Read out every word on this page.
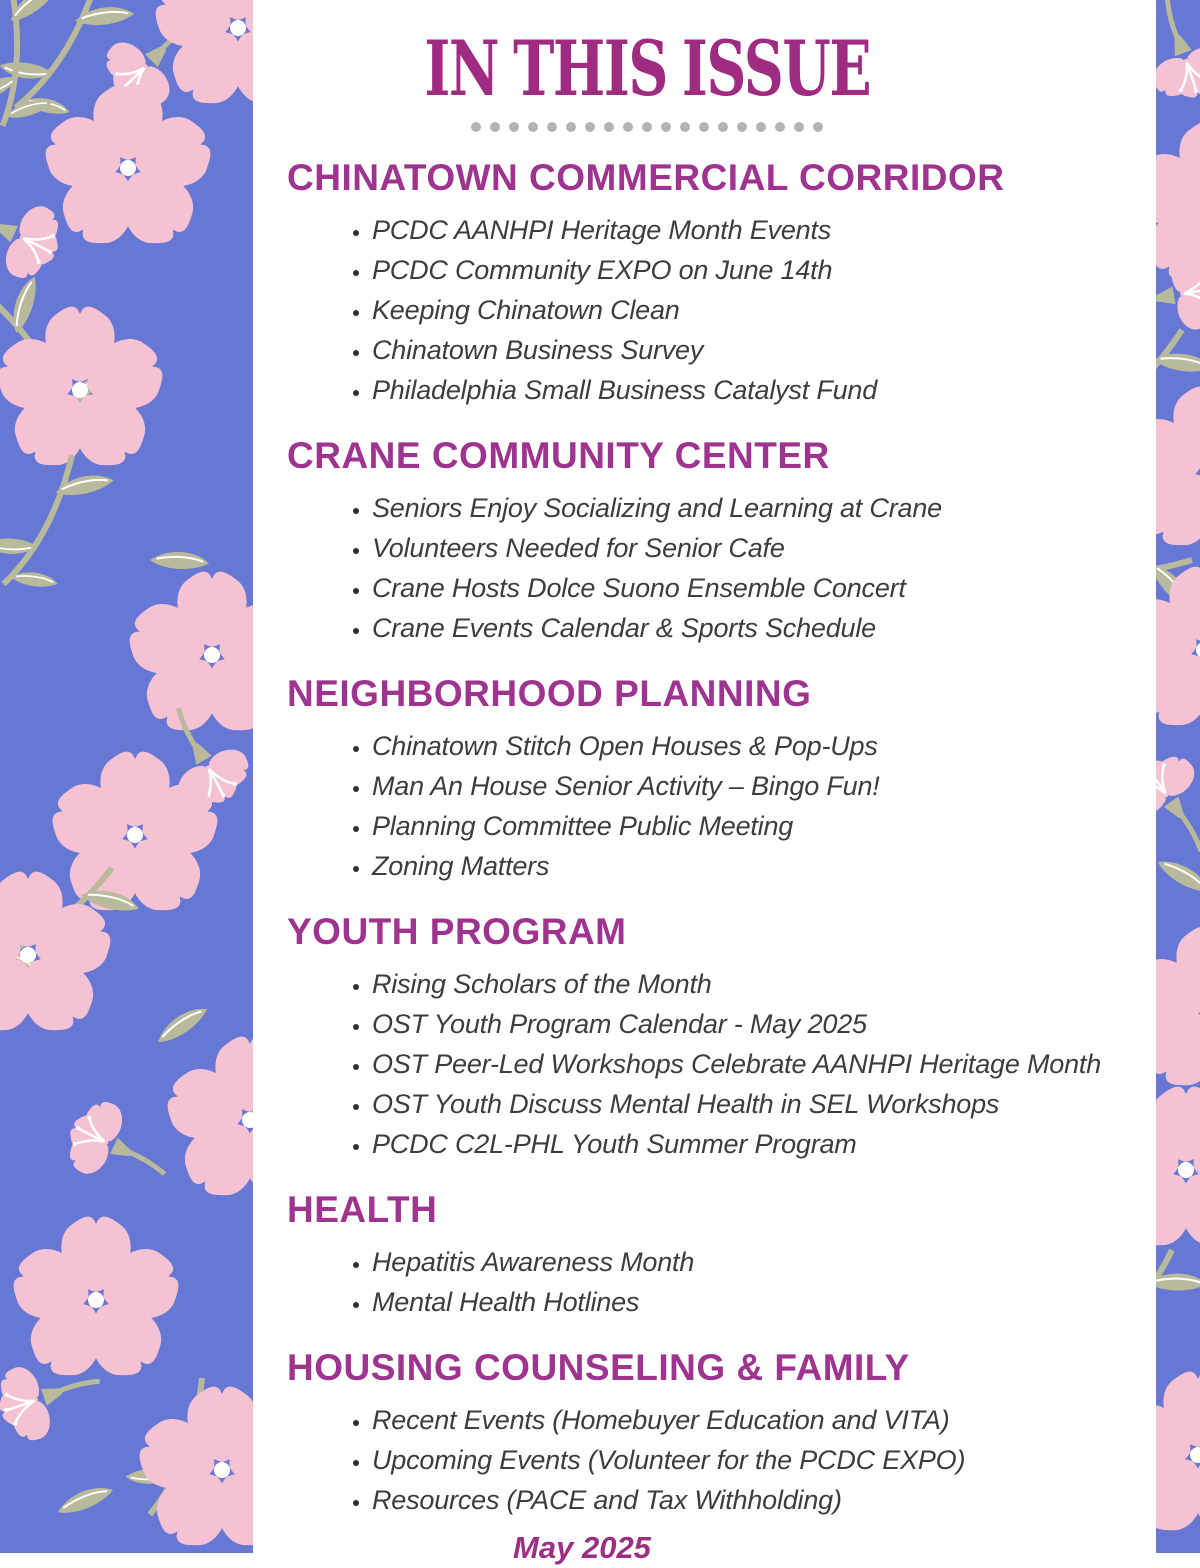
IN THIS ISSUE
CHINATOWN COMMERCIAL CORRIDOR
• PCDC AANHPI Heritage Month Events
• PCDC Community EXPO on June 14th
• Keeping Chinatown Clean
• Chinatown Business Survey
• Philadelphia Small Business Catalyst Fund
CRANE COMMUNITY CENTER
• Seniors Enjoy Socializing and Learning at Crane
• Volunteers Needed for Senior Cafe
• Crane Hosts Dolce Suono Ensemble Concert
• Crane Events Calendar & Sports Schedule
NEIGHBORHOOD PLANNING
• Chinatown Stitch Open Houses & Pop-Ups
• Man An House Senior Activity – Bingo Fun!
• Planning Committee Public Meeting
• Zoning Matters
YOUTH PROGRAM
• Rising Scholars of the Month
• OST Youth Program Calendar - May 2025
• OST Peer-Led Workshops Celebrate AANHPI Heritage Month
• OST Youth Discuss Mental Health in SEL Workshops
• PCDC C2L-PHL Youth Summer Program
HEALTH
• Hepatitis Awareness Month
• Mental Health Hotlines
HOUSING COUNSELING & FAMILY
• Recent Events (Homebuyer Education and VITA)
• Upcoming Events (Volunteer for the PCDC EXPO)
• Resources (PACE and Tax Withholding)
May 2025
